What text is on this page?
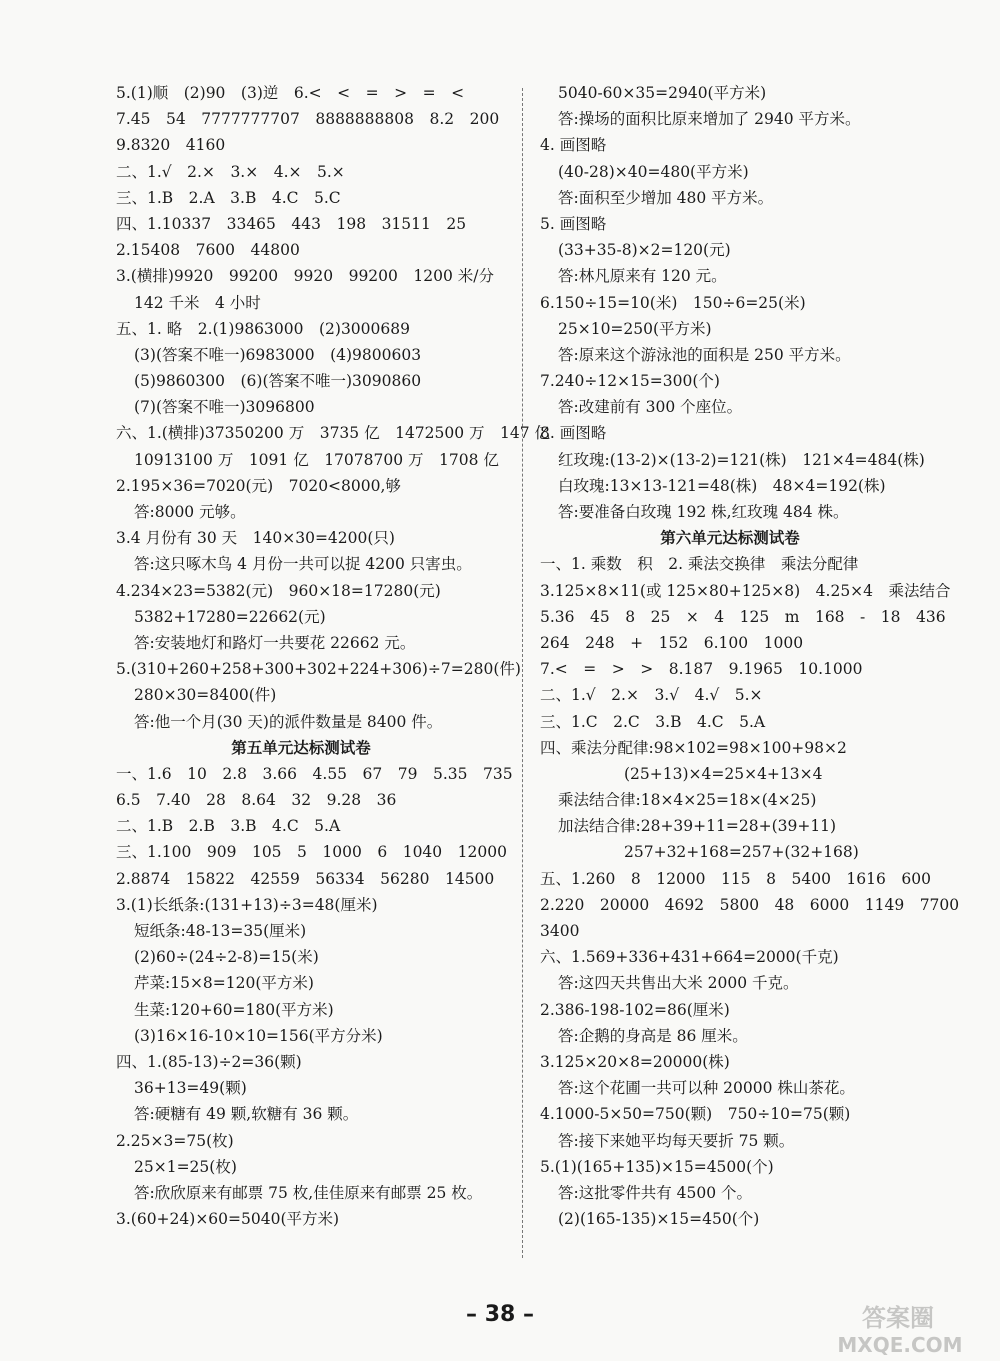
5.(1)顺　(2)90　(3)逆　6.<　<　=　>　=　<
7.45　54　7777777707　8888888808　8.2　200
9.8320　4160
二、1.√　2.×　3.×　4.×　5.×
三、1.B　2.A　3.B　4.C　5.C
四、1.10337　33465　443　198　31511　25
2.15408　7600　44800
3.(横排)9920　99200　9920　99200　1200 米/分
142 千米　4 小时
五、1. 略　2.(1)9863000　(2)3000689
(3)(答案不唯一)6983000　(4)9800603
(5)9860300　(6)(答案不唯一)3090860
(7)(答案不唯一)3096800
六、1.(横排)37350200 万　3735 亿　1472500 万　147 亿
10913100 万　1091 亿　17078700 万　1708 亿
2.195×36=7020(元)　7020<8000,够
答:8000 元够。
3.4 月份有 30 天　140×30=4200(只)
答:这只啄木鸟 4 月份一共可以捉 4200 只害虫。
4.234×23=5382(元)　960×18=17280(元)
5382+17280=22662(元)
答:安装地灯和路灯一共要花 22662 元。
5.(310+260+258+300+302+224+306)÷7=280(件)
280×30=8400(件)
答:他一个月(30 天)的派件数量是 8400 件。
第五单元达标测试卷
一、1.6　10　2.8　3.66　4.55　67　79　5.35　735
6.5　7.40　28　8.64　32　9.28　36
二、1.B　2.B　3.B　4.C　5.A
三、1.100　909　105　5　1000　6　1040　12000
2.8874　15822　42559　56334　56280　14500
3.(1)长纸条:(131+13)÷3=48(厘米)
短纸条:48-13=35(厘米)
(2)60÷(24÷2-8)=15(米)
芹菜:15×8=120(平方米)
生菜:120+60=180(平方米)
(3)16×16-10×10=156(平方分米)
四、1.(85-13)÷2=36(颗)
36+13=49(颗)
答:硬糖有 49 颗,软糖有 36 颗。
2.25×3=75(枚)
25×1=25(枚)
答:欣欣原来有邮票 75 枚,佳佳原来有邮票 25 枚。
3.(60+24)×60=5040(平方米)
5040-60×35=2940(平方米)
答:操场的面积比原来增加了 2940 平方米。
4. 画图略
(40-28)×40=480(平方米)
答:面积至少增加 480 平方米。
5. 画图略
(33+35-8)×2=120(元)
答:林凡原来有 120 元。
6.150÷15=10(米)　150÷6=25(米)
25×10=250(平方米)
答:原来这个游泳池的面积是 250 平方米。
7.240÷12×15=300(个)
答:改建前有 300 个座位。
8. 画图略
红玫瑰:(13-2)×(13-2)=121(株)　121×4=484(株)
白玫瑰:13×13-121=48(株)　48×4=192(株)
答:要准备白玫瑰 192 株,红玫瑰 484 株。
第六单元达标测试卷
一、1. 乘数　积　2. 乘法交换律　乘法分配律
3.125×8×11(或 125×80+125×8)　4.25×4　乘法结合
5.36　45　8　25　×　4　125　m　168　-　18　436
264　248　+　152　6.100　1000
7.<　=　>　>　8.187　9.1965　10.1000
二、1.√　2.×　3.√　4.√　5.×
三、1.C　2.C　3.B　4.C　5.A
四、乘法分配律:98×102=98×100+98×2
(25+13)×4=25×4+13×4
乘法结合律:18×4×25=18×(4×25)
加法结合律:28+39+11=28+(39+11)
257+32+168=257+(32+168)
五、1.260　8　12000　115　8　5400　1616　600
2.220　20000　4692　5800　48　6000　1149　7700
3400
六、1.569+336+431+664=2000(千克)
答:这四天共售出大米 2000 千克。
2.386-198-102=86(厘米)
答:企鹅的身高是 86 厘米。
3.125×20×8=20000(株)
答:这个花圃一共可以种 20000 株山茶花。
4.1000-5×50=750(颗)　750÷10=75(颗)
答:接下来她平均每天要折 75 颗。
5.(1)(165+135)×15=4500(个)
答:这批零件共有 4500 个。
(2)(165-135)×15=450(个)
– 38 –	答案圈
MXQE.COM
